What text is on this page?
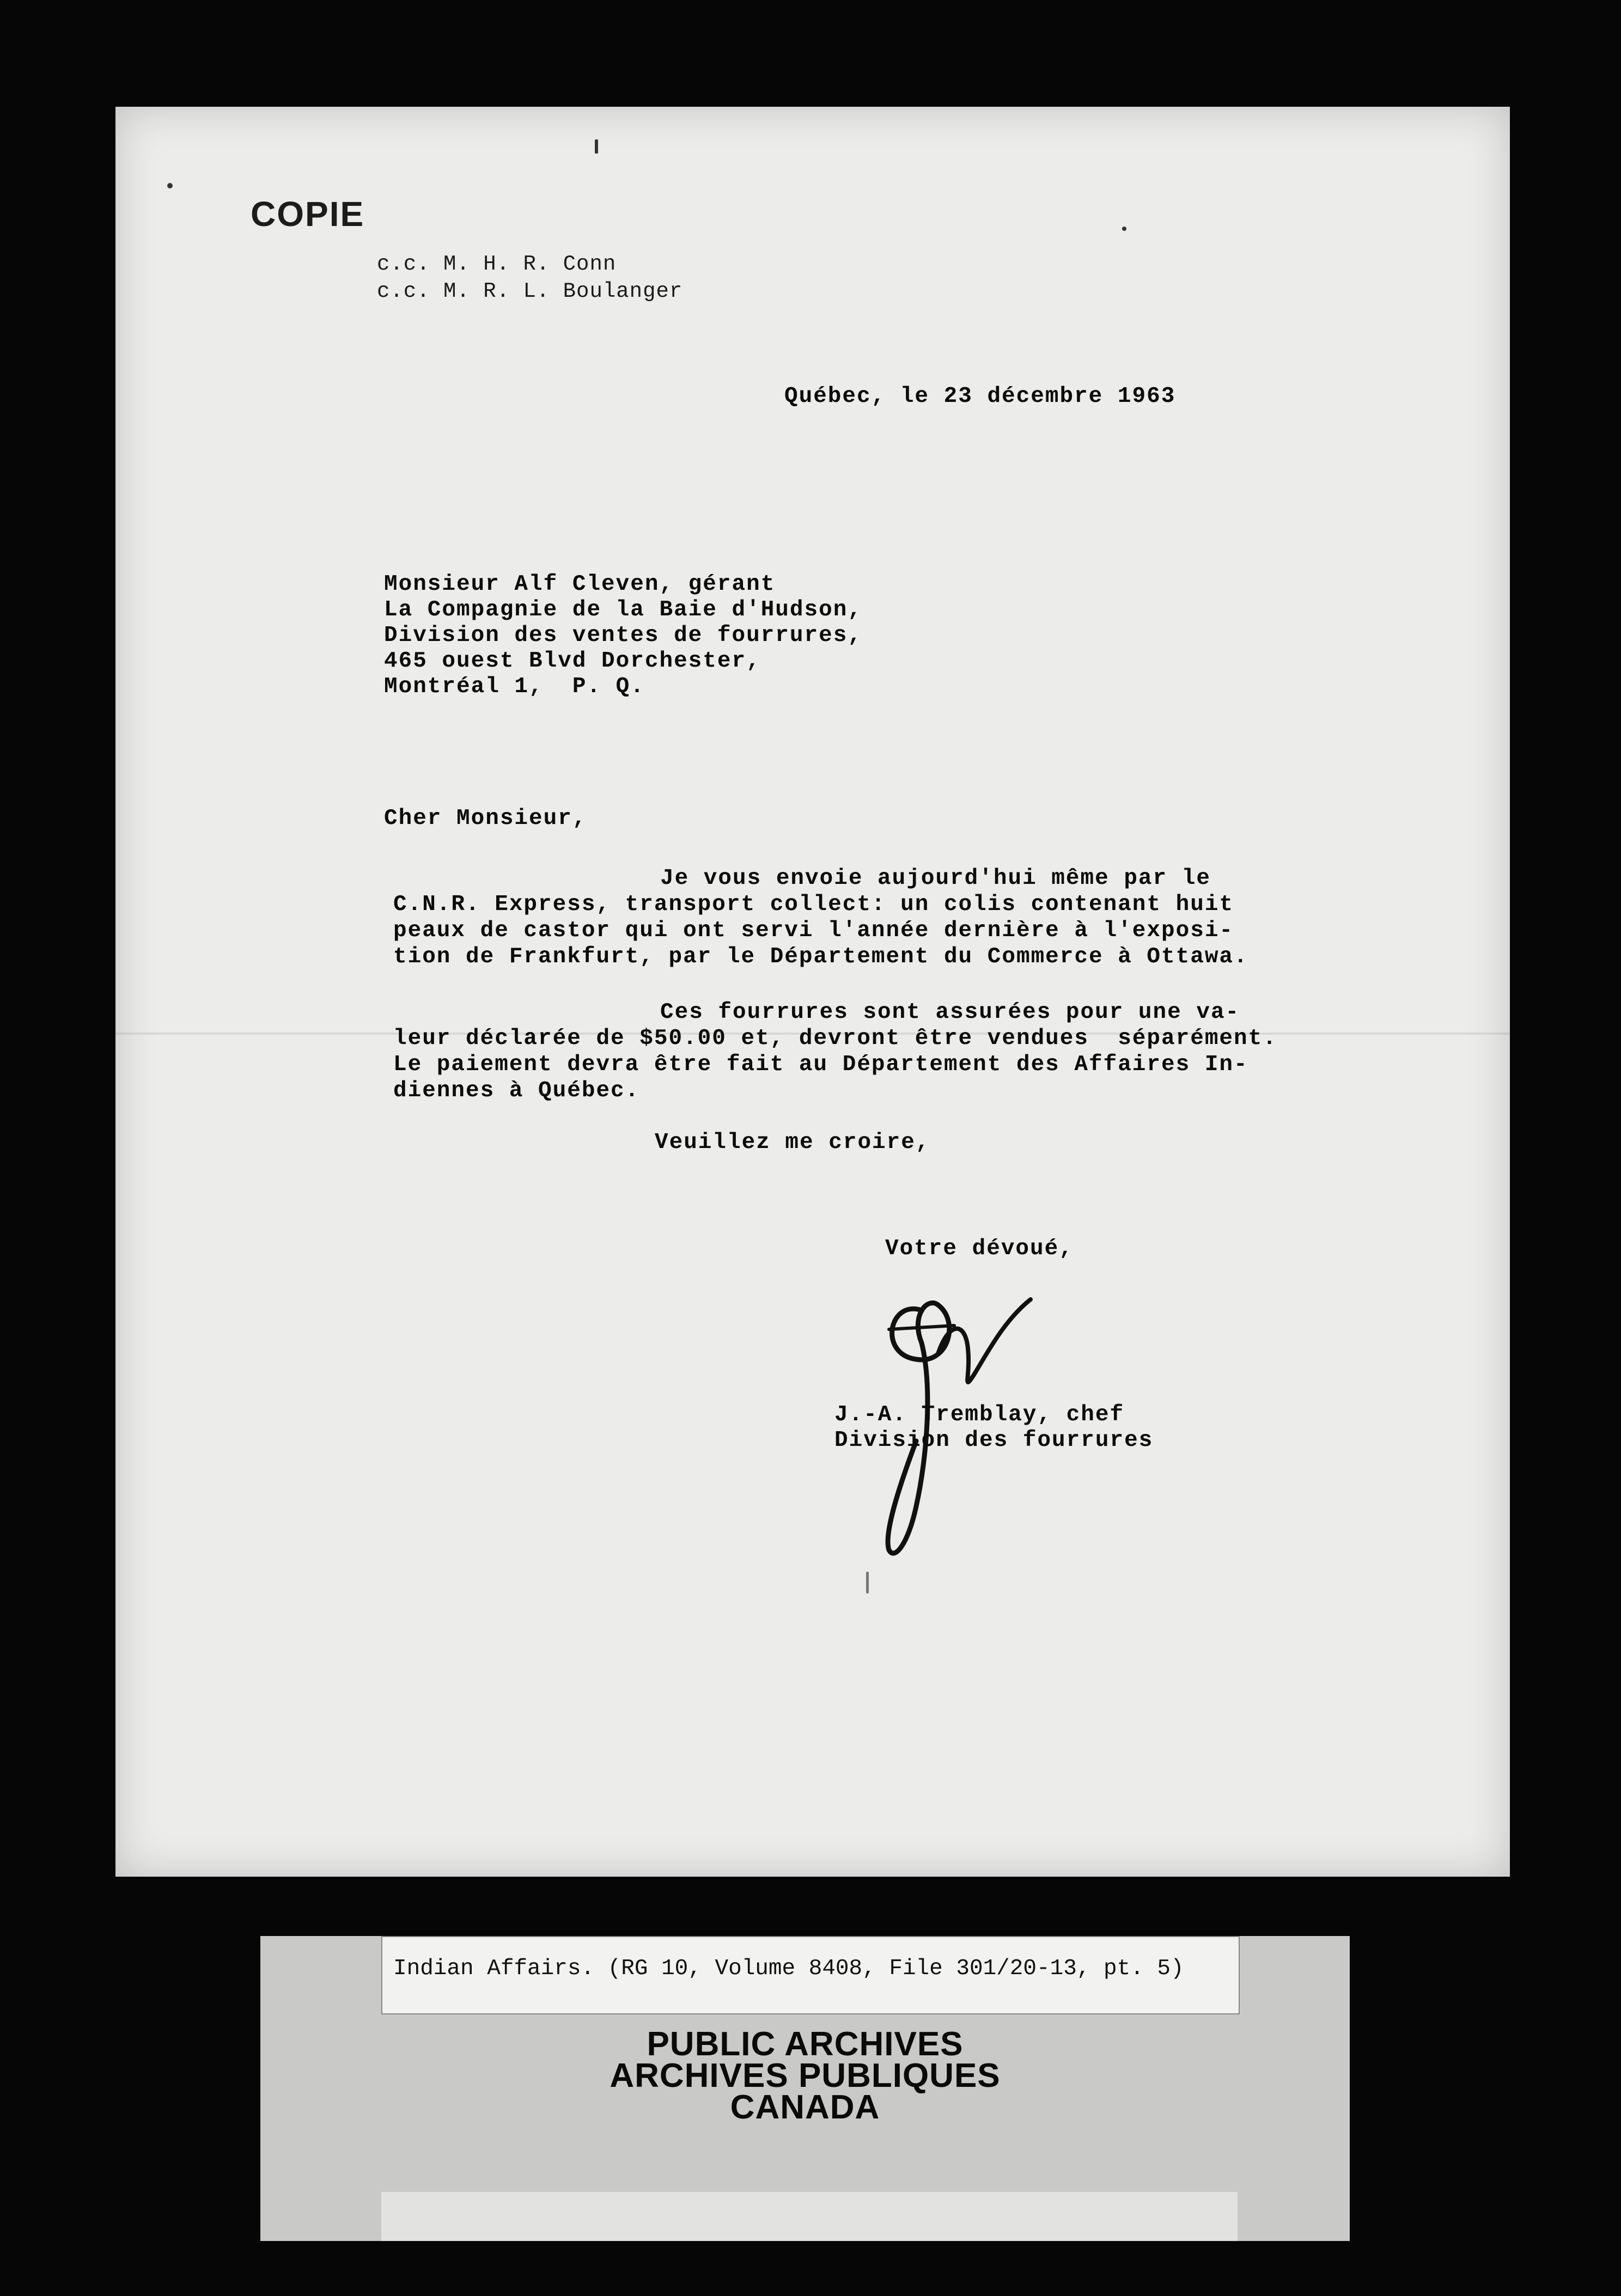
COPIE
c.c. M. H. R. Conn
c.c. M. R. L. Boulanger
Québec, le 23 décembre 1963
Monsieur Alf Cleven, gérant
La Compagnie de la Baie d'Hudson,
Division des ventes de fourrures,
465 ouest Blvd Dorchester,
Montréal 1,  P. Q.
Cher Monsieur,
Je vous envoie aujourd'hui même par le
C.N.R. Express, transport collect: un colis contenant huit
peaux de castor qui ont servi l'année dernière à l'exposi-
tion de Frankfurt, par le Département du Commerce à Ottawa.
Ces fourrures sont assurées pour une va-
leur déclarée de $50.00 et, devront être vendues  séparément.
Le paiement devra être fait au Département des Affaires In-
diennes à Québec.
Veuillez me croire,
Votre dévoué,
J.-A. Tremblay, chef
Division des fourrures
Indian Affairs. (RG 10, Volume 8408, File 301/20-13, pt. 5)
PUBLIC ARCHIVES
ARCHIVES PUBLIQUES
CANADA
